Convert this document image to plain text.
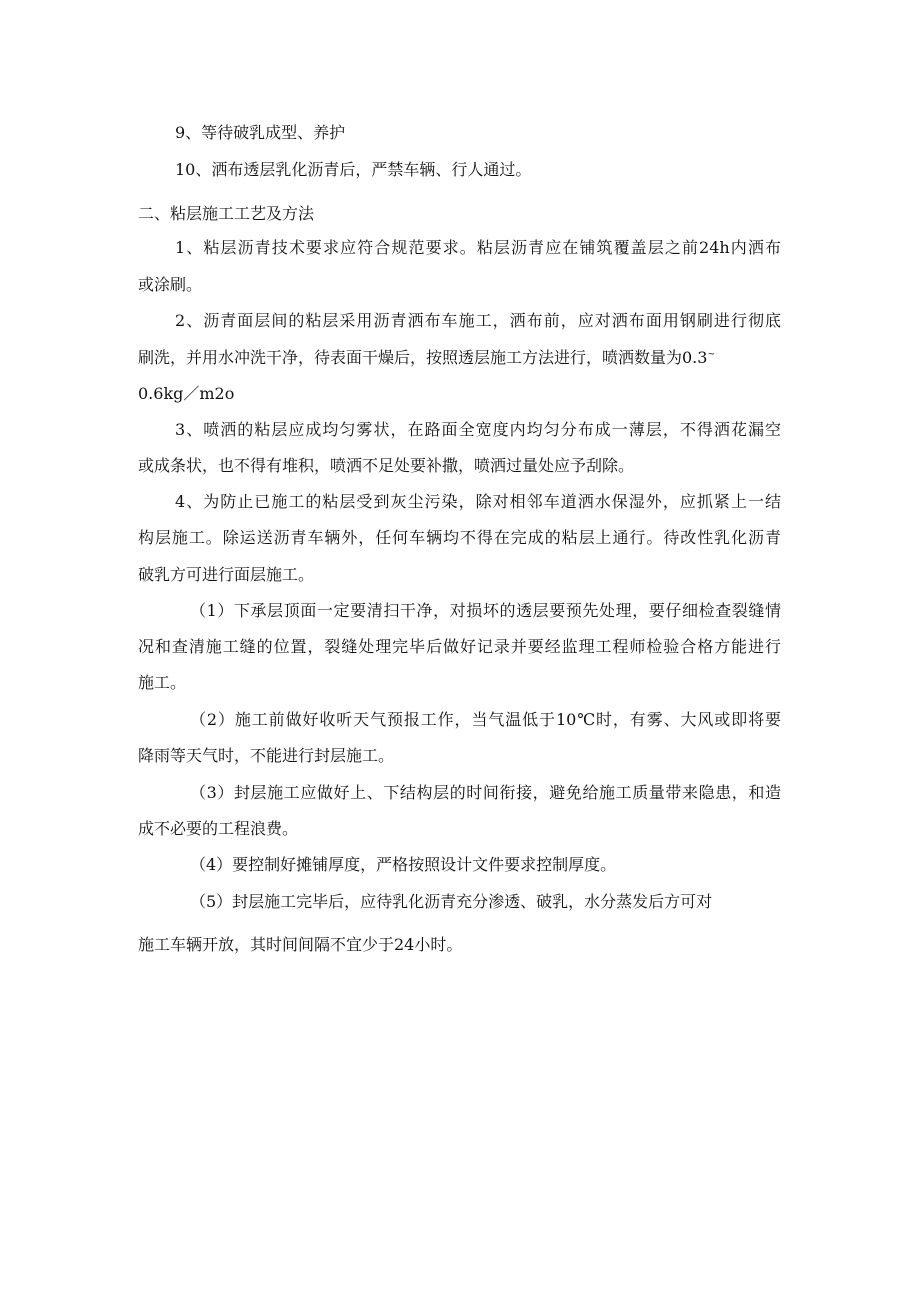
9、等待破乳成型、养护
10、洒布透层乳化沥青后，严禁车辆、行人通过。
二、粘层施工工艺及方法
1、粘层沥青技术要求应符合规范要求。粘层沥青应在铺筑覆盖层之前24h内洒布
或涂刷。
2、沥青面层间的粘层采用沥青洒布车施工，洒布前，应对洒布面用钢刷进行彻底
刷洗，并用水冲洗干净，待表面干燥后，按照透层施工方法进行，喷洒数量为0.3~
0.6kg／m2o
3、喷洒的粘层应成均匀雾状，在路面全宽度内均匀分布成一薄层，不得洒花漏空
或成条状，也不得有堆积，喷洒不足处要补撒，喷洒过量处应予刮除。
4、为防止已施工的粘层受到灰尘污染，除对相邻车道洒水保湿外，应抓紧上一结
构层施工。除运送沥青车辆外，任何车辆均不得在完成的粘层上通行。待改性乳化沥青
破乳方可进行面层施工。
（1）下承层顶面一定要清扫干净，对损坏的透层要预先处理，要仔细检查裂缝情
况和查清施工缝的位置，裂缝处理完毕后做好记录并要经监理工程师检验合格方能进行
施工。
（2）施工前做好收听天气预报工作，当气温低于10℃时，有雾、大风或即将要
降雨等天气时，不能进行封层施工。
（3）封层施工应做好上、下结构层的时间衔接，避免给施工质量带来隐患，和造
成不必要的工程浪费。
（4）要控制好摊铺厚度，严格按照设计文件要求控制厚度。
（5）封层施工完毕后，应待乳化沥青充分渗透、破乳，水分蒸发后方可对
施工车辆开放，其时间间隔不宜少于24小时。
